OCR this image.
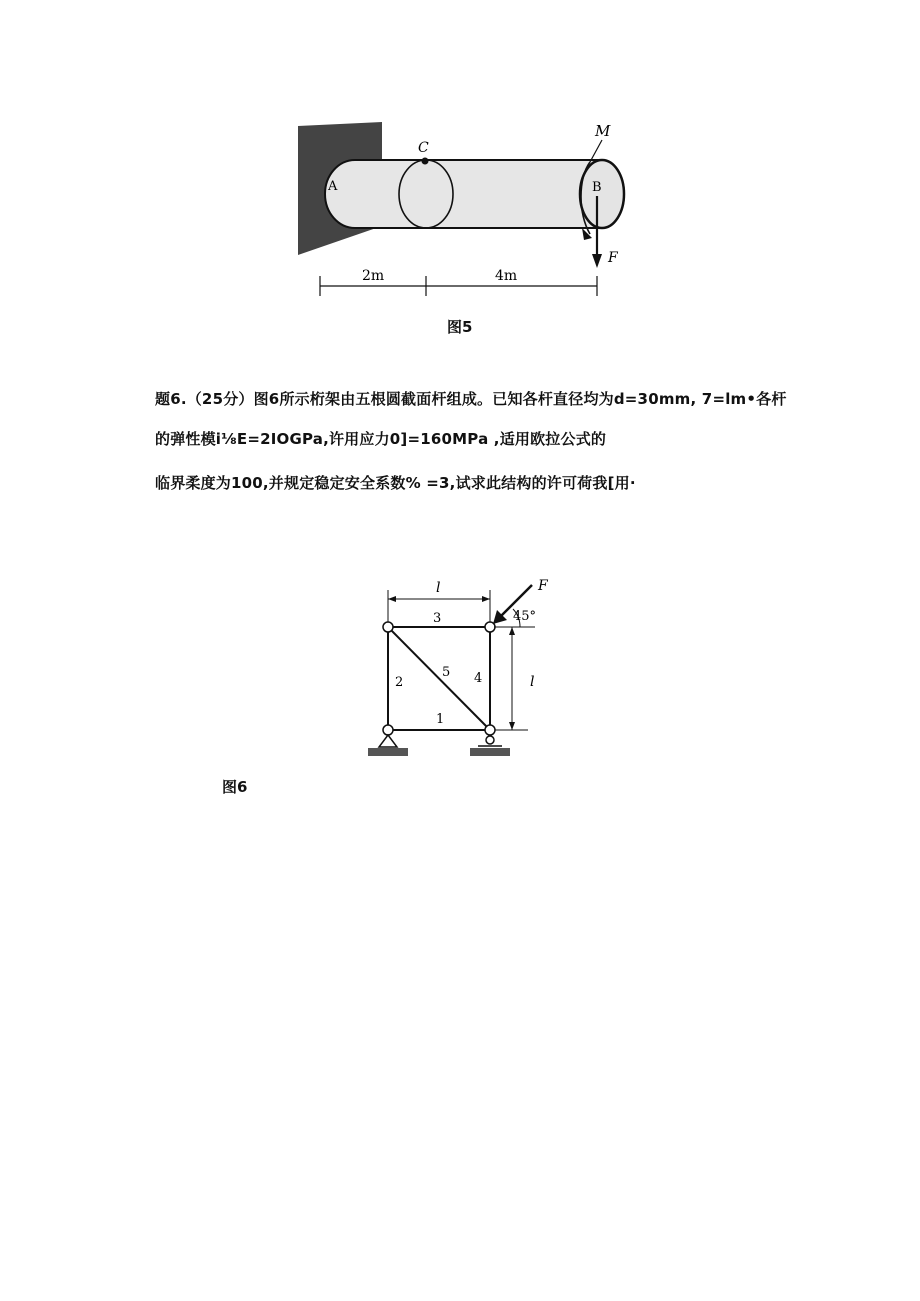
A	B
C
M
F
2m	4m
图5
题6.（25分）图6所示桁架由五根圆截面杆组成。已知各杆直径均为d=30mm, 7=lm•各杆
的弹性模i⅛E=2IOGPa,许用应力0]=160MPa ,适用欧拉公式的
临界柔度为100,并规定稳定安全系数% =3,试求此结构的许可荷我[用·
l
l
F
45°
1
2
3
4
5
图6
